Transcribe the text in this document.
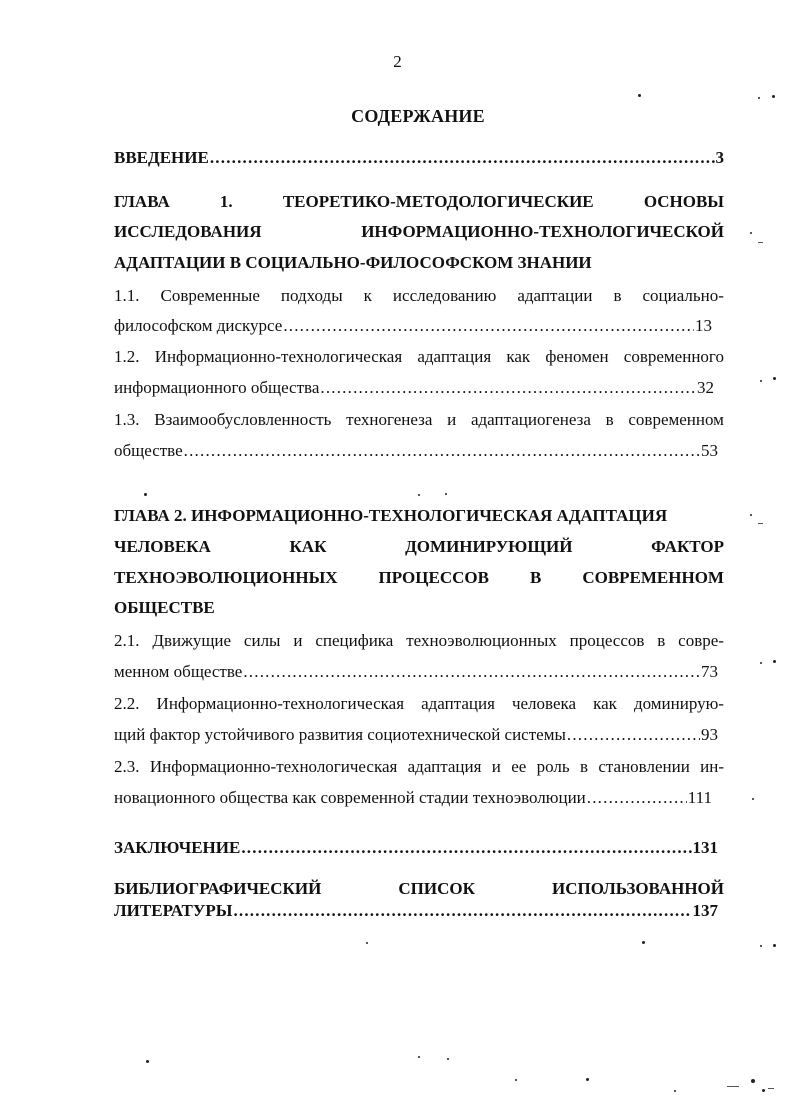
2
СОДЕРЖАНИЕ
ВВЕДЕНИЕ .....	3
ГЛАВА	1.	ТЕОРЕТИКО-МЕТОДОЛОГИЧЕСКИЕ	ОСНОВЫ
ИССЛЕДОВАНИЯ	ИНФОРМАЦИОННО-ТЕХНОЛОГИЧЕСКОЙ
АДАПТАЦИИ В СОЦИАЛЬНО-ФИЛОСОФСКОМ ЗНАНИИ
1.1. Современные подходы к исследованию адаптации в социально-
философском дискурсе .....	13
1.2. Информационно-технологическая адаптация как феномен современного
информационного общества .....	32
1.3. Взаимообусловленность техногенеза и адаптациогенеза в современном
обществе .....	53
ГЛАВА 2. ИНФОРМАЦИОННО-ТЕХНОЛОГИЧЕСКАЯ АДАПТАЦИЯ
ЧЕЛОВЕКА	КАК	ДОМИНИРУЮЩИЙ	ФАКТОР
ТЕХНОЭВОЛЮЦИОННЫХ ПРОЦЕССОВ В СОВРЕМЕННОМ
ОБЩЕСТВЕ
2.1. Движущие силы и специфика техноэволюционных процессов в совре-
менном обществе .....	73
2.2. Информационно-технологическая адаптация человека как доминирую-
щий фактор устойчивого развития социотехнической системы .....	93
2.3. Информационно-технологическая адаптация и ее роль в становлении ин-
новационного общества как современной стадии техноэволюции .....	111
ЗАКЛЮЧЕНИЕ .....	131
БИБЛИОГРАФИЧЕСКИЙ	СПИСОК	ИСПОЛЬЗОВАННОЙ
ЛИТЕРАТУРЫ .....	137
